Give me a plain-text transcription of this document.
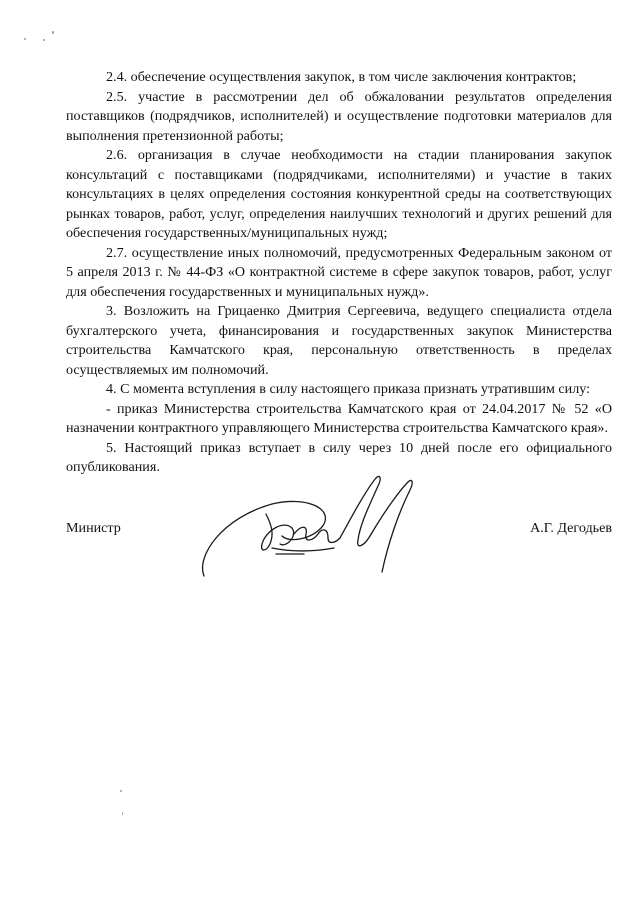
2.4. обеспечение осуществления закупок, в том числе заключения контрактов;

2.5. участие в рассмотрении дел об обжаловании результатов определения поставщиков (подрядчиков, исполнителей) и осуществление подготовки материалов для выполнения претензионной работы;

2.6. организация в случае необходимости на стадии планирования закупок консультаций с поставщиками (подрядчиками, исполнителями) и участие в таких консультациях в целях определения состояния конкурентной среды на соответствующих рынках товаров, работ, услуг, определения наилучших технологий и других решений для обеспечения государственных/муниципальных нужд;

2.7. осуществление иных полномочий, предусмотренных Федеральным законом от 5 апреля 2013 г. № 44-ФЗ «О контрактной системе в сфере закупок товаров, работ, услуг для обеспечения государственных и муниципальных нужд».

3. Возложить на Грицаенко Дмитрия Сергеевича, ведущего специалиста отдела бухгалтерского учета, финансирования и государственных закупок Министерства строительства Камчатского края, персональную ответственность в пределах осуществляемых им полномочий.

4. С момента вступления в силу настоящего приказа признать утратившим силу:

- приказ Министерства строительства Камчатского края от 24.04.2017 № 52 «О назначении контрактного управляющего Министерства строительства Камчатского края».

5. Настоящий приказ вступает в силу через 10 дней после его официального опубликования.

Министр	А.Г. Дегодьев
